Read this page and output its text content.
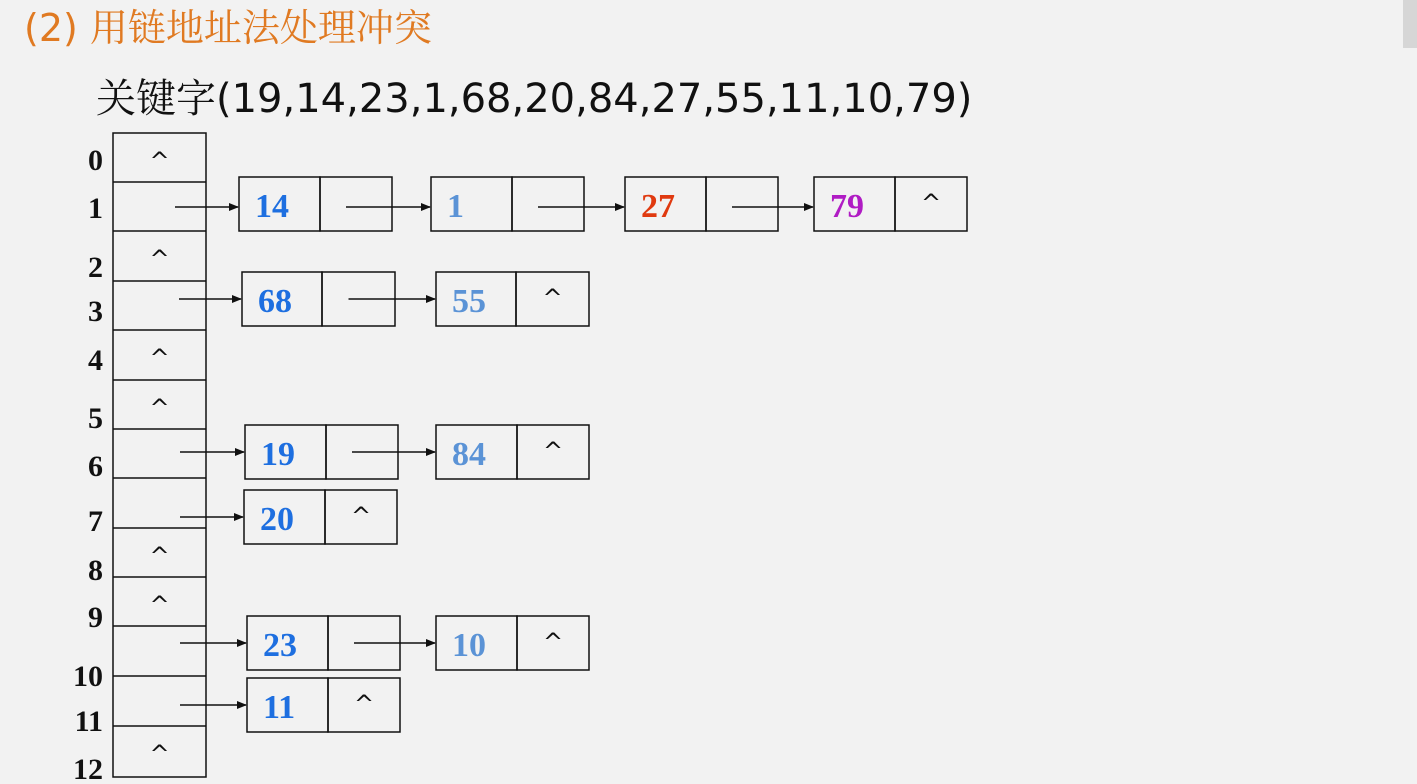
(2) 用链地址法处理冲突
关键字(19,14,23,1,68,20,84,27,55,11,10,79)
0 ^
1	14	1	27	79 ^
2 ^
3	68	55 ^
4 ^
5 ^
6	19	84 ^
7	20 ^
8 ^
9 ^
10
23	10 ^
11	11 ^
12 ^
